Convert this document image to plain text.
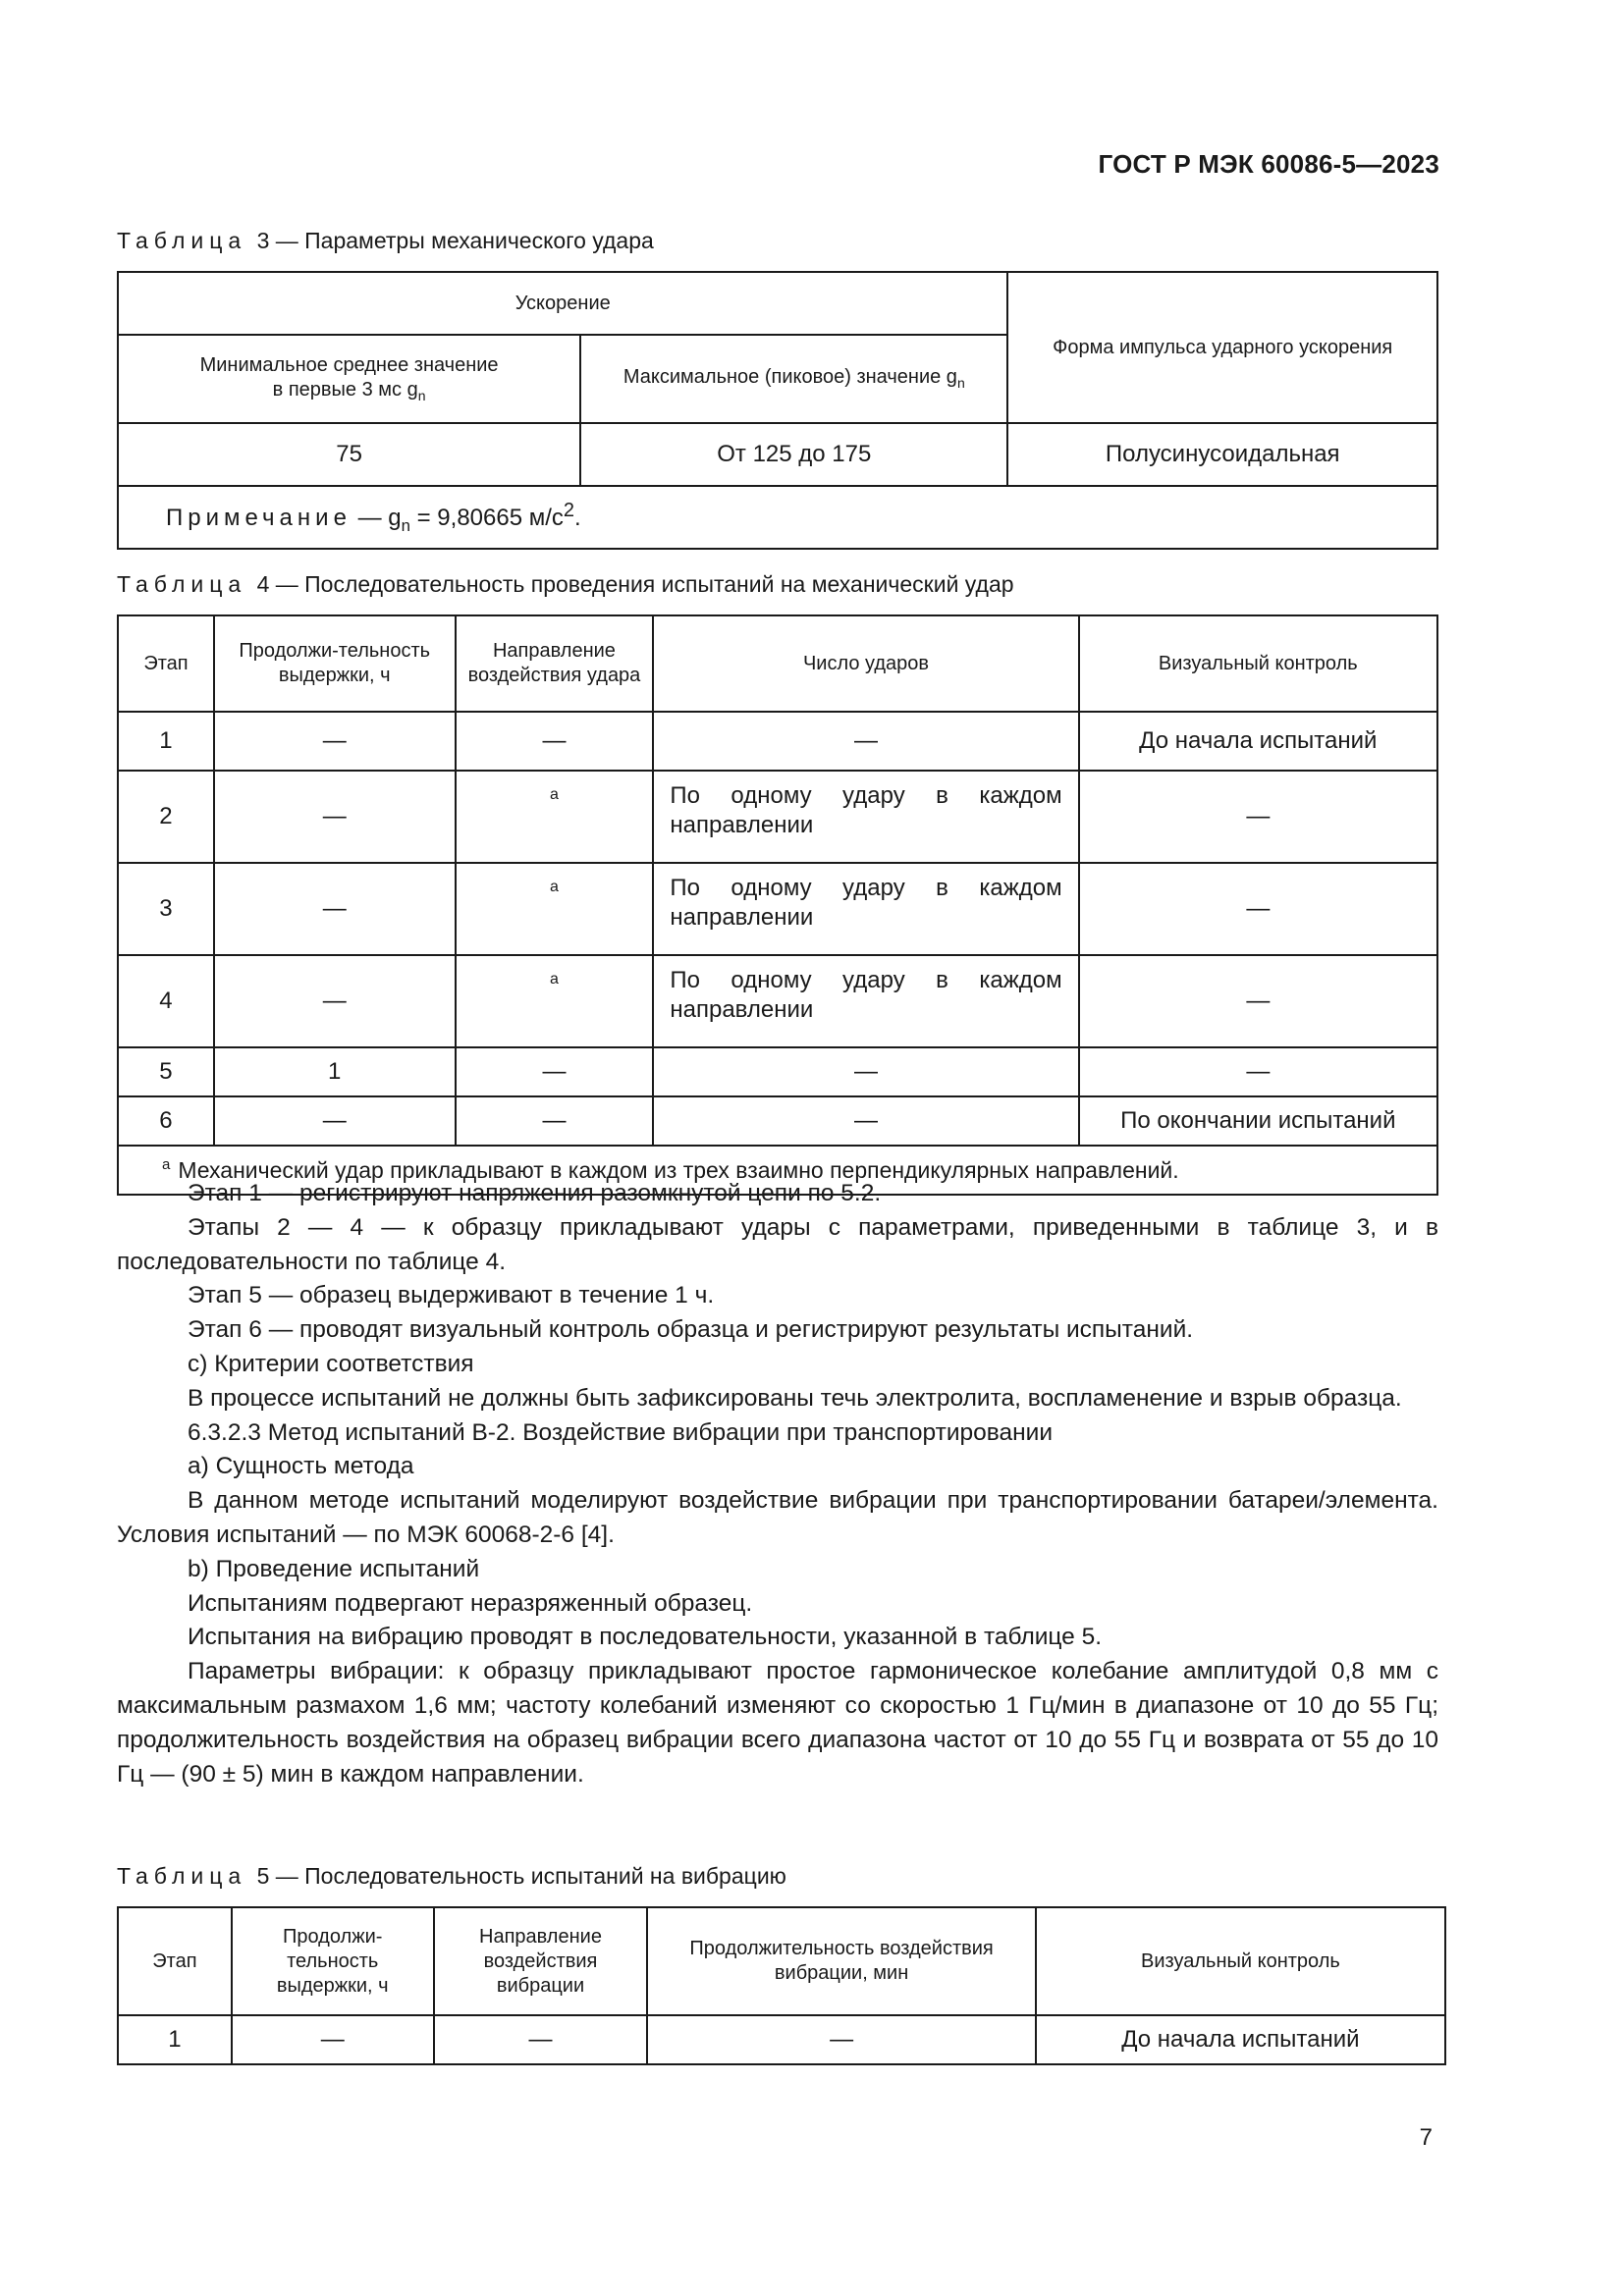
ГОСТ Р МЭК 60086-5—2023
Таблица 3 — Параметры механического удара
Ускорение		Форма импульса ударного ускорения
Минимальное среднее значение
в первые 3 мс $g_n$	Максимальное (пиковое) значение $g_n$
75	От 125 до 175	Полусинусоидальная
Примечание — $g_n = 9,80665$ $м/с^2$.		
Таблица 4 — Последовательность проведения испытаний на механический удар
Этап	Продолжи-тельность выдержки, ч	Направление воздействия удара	Число ударов	Визуальный контроль
1	—	—	—	До начала испытаний
2	—	a	По одному удару в каждом направлении	—
3	—	a	По одному удару в каждом направлении	—
4	—	a	По одному удару в каждом направлении	—
5	1	—	—	—
6	—	—	—	По окончании испытаний
$^a$ Механический удар прикладывают в каждом из трех взаимно перпендикулярных направлений.				

Этап 1 — регистрируют напряжения разомкнутой цепи по 5.2.

Этапы 2 — 4 — к образцу прикладывают удары с параметрами, приведенными в таблице 3, и в последовательности по таблице 4.

Этап 5 — образец выдерживают в течение 1 ч.

Этап 6 — проводят визуальный контроль образца и регистрируют результаты испытаний.

с) Критерии соответствия

В процессе испытаний не должны быть зафиксированы течь электролита, воспламенение и взрыв образца.

6.3.2.3 Метод испытаний В-2. Воздействие вибрации при транспортировании

а) Сущность метода

В данном методе испытаний моделируют воздействие вибрации при транспортировании батареи/элемента. Условия испытаний — по МЭК 60068-2-6 [4].

b) Проведение испытаний

Испытаниям подвергают неразряженный образец.

Испытания на вибрацию проводят в последовательности, указанной в таблице 5.

Параметры вибрации: к образцу прикладывают простое гармоническое колебание амплитудой 0,8 мм с максимальным размахом 1,6 мм; частоту колебаний изменяют со скоростью 1 Гц/мин в диапазоне от 10 до 55 Гц; продолжительность воздействия на образец вибрации всего диапазона частот от 10 до 55 Гц и возврата от 55 до 10 Гц — (90 ± 5) мин в каждом направлении.

Таблица 5 — Последовательность испытаний на вибрацию
Этап	Продолжи-тельность выдержки, ч	Направление воздействия вибрации	Продолжительность воздействия вибрации, мин	Визуальный контроль
1	—	—	—	До начала испытаний
7
